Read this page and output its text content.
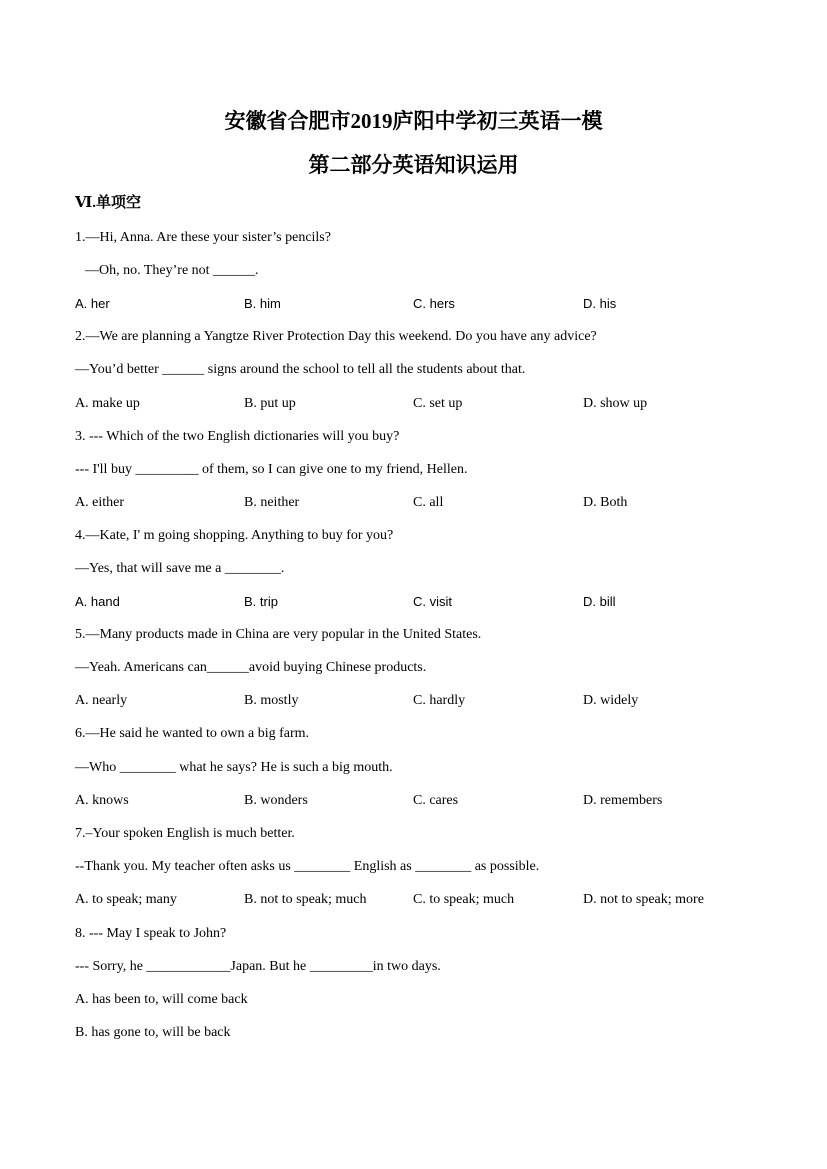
安徽省合肥市2019庐阳中学初三英语一模
第二部分英语知识运用
Ⅵ.单项空
1.—Hi, Anna. Are these your sister’s pencils?
—Oh, no. They’re not ______.
A. her	B. him	C. hers	D. his
2.—We are planning a Yangtze River Protection Day this weekend. Do you have any advice?
—You’d better ______ signs around the school to tell all the students about that.
A. make up	B. put up	C. set up	D. show up
3. --- Which of the two English dictionaries will you buy?
--- I'll buy _________ of them, so I can give one to my friend, Hellen.
A. either	B. neither	C. all	D. Both
4.—Kate, I' m going shopping. Anything to buy for you?
—Yes, that will save me a ________.
A. hand	B. trip	C. visit	D. bill
5.—Many products made in China are very popular in the United States.
—Yeah. Americans can______avoid buying Chinese products.
A. nearly	B. mostly	C. hardly	D. widely
6.—He said he wanted to own a big farm.
—Who ________ what he says? He is such a big mouth.
A. knows	B. wonders	C. cares	D. remembers
7.–Your spoken English is much better.
--Thank you. My teacher often asks us ________ English as ________ as possible.
A. to speak; many	B. not to speak; much	C. to speak; much	D. not to speak; more
8. --- May I speak to John?
--- Sorry, he ____________Japan. But he _________in two days.
A. has been to, will come back
B. has gone to, will be back
